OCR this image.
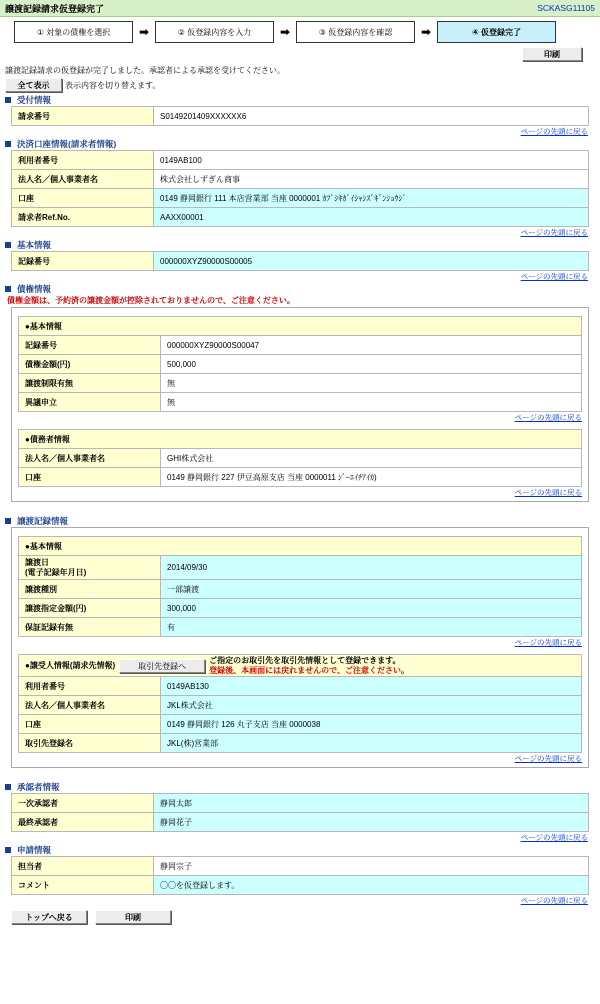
譲渡記録請求仮登録完了	SCKASG11105
① 対象の債権を選択	➡	② 仮登録内容を入力	➡	③ 仮登録内容を確認	➡	④ 仮登録完了
印刷
譲渡記録請求の仮登録が完了しました。承認者による承認を受けてください。
全て表示	表示内容を切り替えます。
受付情報
請求番号	S0149201409XXXXXX6
ページの先頭に戻る
決済口座情報(請求者情報)
利用者番号	0149AB100
法人名／個人事業者名	株式会社しずぎん商事
口座	0149 静岡銀行 111 本店営業部 当座 0000001 ｶﾌﾞｼｷｶﾞｲｼｬｼｽﾞｷﾞﾝｼｮｳｼﾞ
請求者Ref.No.	AAXX00001
ページの先頭に戻る
基本情報
記録番号	000000XYZ90000S00005
ページの先頭に戻る
債権情報
債権金額は、予約済の譲渡金額が控除されておりませんので、ご注意ください。
●基本情報	
記録番号	000000XYZ90000S00047
債権金額(円)	500,000
譲渡制限有無	無
異議申立	無
ページの先頭に戻る
●債務者情報	
法人名／個人事業者名	GHI株式会社
口座	0149 静岡銀行 227 伊豆高原支店 当座 0000011 ｼﾞｰｴｲﾁｱｲｶ)
ページの先頭に戻る
譲渡記録情報
●基本情報	
譲渡日
(電子記録年月日)	2014/09/30
譲渡種別	一部譲渡
譲渡指定金額(円)	300,000
保証記録有無	有
ページの先頭に戻る
●譲受人情報(請求先情報) 取引先登録へ
ご指定のお取引先を取引先情報として登録できます。
登録後、本画面には戻れませんので、ご注意ください。	

利用者番号	0149AB130
法人名／個人事業者名	JKL株式会社
口座	0149 静岡銀行 126 丸子支店 当座 0000038
取引先登録名	JKL(株)営業部
ページの先頭に戻る
承認者情報
一次承認者	静岡太郎
最終承認者	静岡花子
ページの先頭に戻る
申請情報
担当者	静岡宗子
コメント	〇〇を仮登録します。
ページの先頭に戻る
トップへ戻る	印刷
